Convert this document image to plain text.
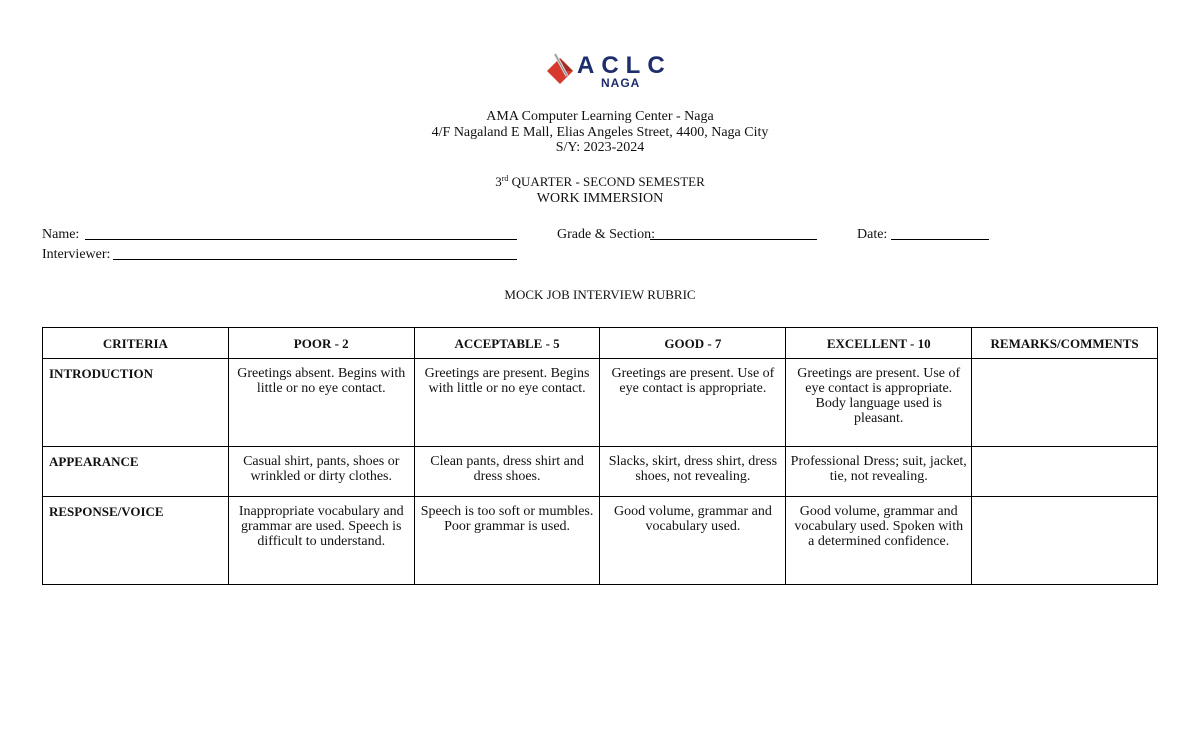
ACLC
NAGA
AMA Computer Learning Center - Naga
4/F Nagaland E Mall, Elias Angeles Street, 4400, Naga City
S/Y: 2023-2024
3rd QUARTER - SECOND SEMESTER
WORK IMMERSION
Name:	Grade & Section:	Date:
Interviewer:
MOCK JOB INTERVIEW RUBRIC
CRITERIA	POOR - 2	ACCEPTABLE - 5	GOOD - 7	EXCELLENT - 10	REMARKS/COMMENTS
INTRODUCTION	Greetings absent. Begins with little or no eye contact.	Greetings are present. Begins with little or no eye contact.	Greetings are present. Use of eye contact is appropriate.	Greetings are present. Use of eye contact is appropriate. Body language used is pleasant.	
APPEARANCE	Casual shirt, pants, shoes or wrinkled or dirty clothes.	Clean pants, dress shirt and dress shoes.	Slacks, skirt, dress shirt, dress shoes, not revealing.	Professional Dress; suit, jacket, tie, not revealing.	
RESPONSE/VOICE	Inappropriate vocabulary and grammar are used. Speech is difficult to understand.	Speech is too soft or mumbles. Poor grammar is used.	Good volume, grammar and vocabulary used.	Good volume, grammar and vocabulary used. Spoken with a determined confidence.	
